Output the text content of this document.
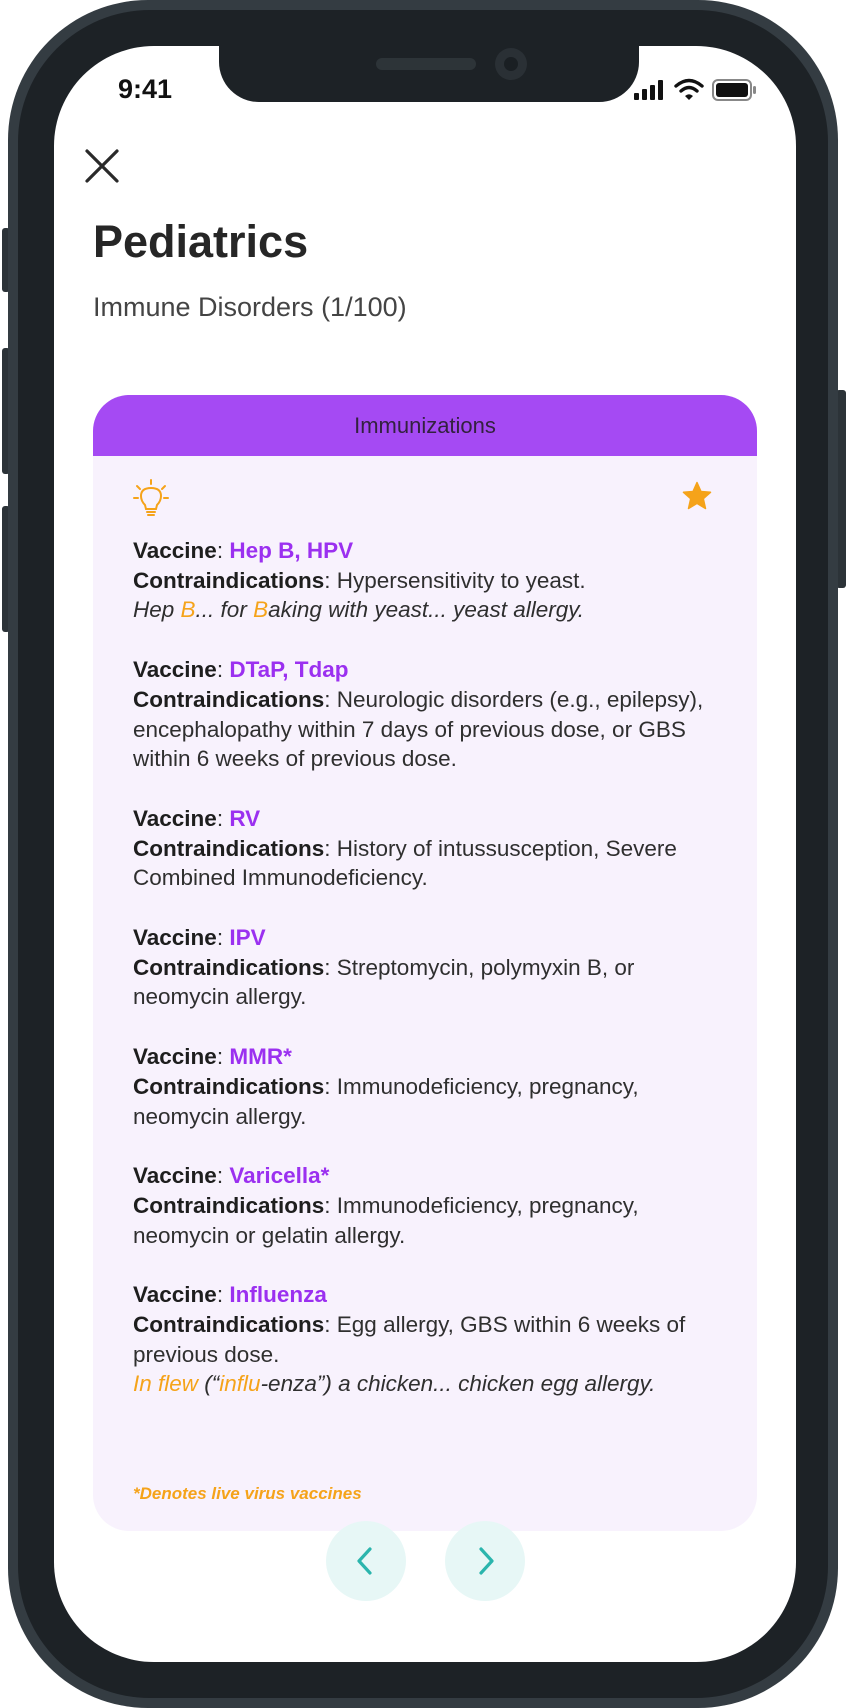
9:41
Pediatrics
Immune Disorders (1/100)
Immunizations
Vaccine: Hep B, HPV
Contraindications: Hypersensitivity to yeast.
Hep B... for Baking with yeast... yeast allergy.
Vaccine: DTaP, Tdap
Contraindications: Neurologic disorders (e.g., epilepsy), encephalopathy within 7 days of previous dose, or GBS within 6 weeks of previous dose.
Vaccine: RV
Contraindications: History of intussusception, Severe Combined Immunodeficiency.
Vaccine: IPV
Contraindications: Streptomycin, polymyxin B, or neomycin allergy.
Vaccine: MMR*
Contraindications: Immunodeficiency, pregnancy, neomycin allergy.
Vaccine: Varicella*
Contraindications: Immunodeficiency, pregnancy, neomycin or gelatin allergy.
Vaccine: Influenza
Contraindications: Egg allergy, GBS within 6 weeks of previous dose.
In flew (“influ-enza”) a chicken... chicken egg allergy.
*Denotes live virus vaccines
